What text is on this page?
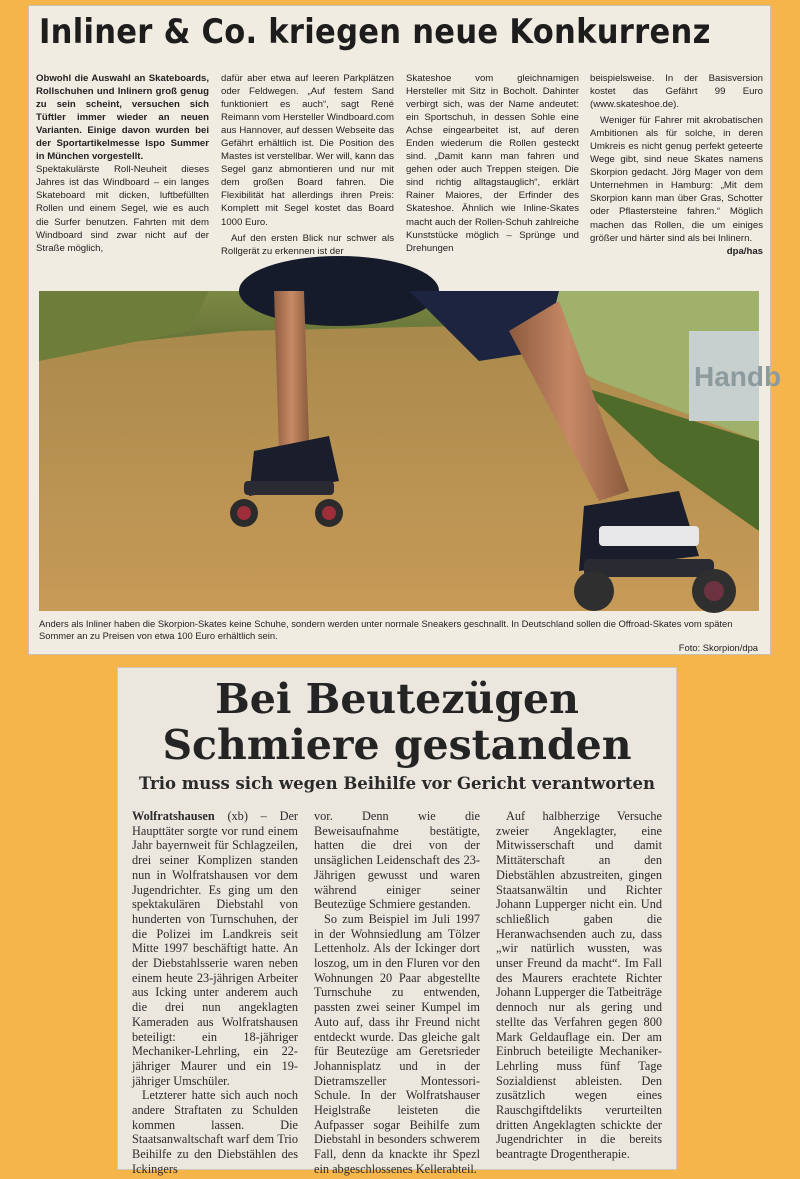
Inliner & Co. kriegen neue Konkurrenz

Obwohl die Auswahl an Skateboards, Rollschuhen und Inlinern groß genug zu sein scheint, versuchen sich Tüftler immer wieder an neuen Varianten. Einige davon wurden bei der Sportartikelmesse Ispo Summer in München vorgestellt.

Spektakulärste Roll-Neuheit dieses Jahres ist das Windboard – ein langes Skateboard mit dicken, luftbefüllten Rollen und einem Segel, wie es auch die Surfer benutzen. Fahrten mit dem Windboard sind zwar nicht auf der Straße möglich,

dafür aber etwa auf leeren Parkplätzen oder Feldwegen. „Auf festem Sand funktioniert es auch“, sagt René Reimann vom Hersteller Windboard.com aus Hannover, auf dessen Webseite das Gefährt erhältlich ist. Die Position des Mastes ist verstellbar. Wer will, kann das Segel ganz abmontieren und nur mit dem großen Board fahren. Die Flexibilität hat allerdings ihren Preis: Komplett mit Segel kostet das Board 1000 Euro.

Auf den ersten Blick nur schwer als Rollgerät zu erkennen ist der

Skateshoe vom gleichnamigen Hersteller mit Sitz in Bocholt. Dahinter verbirgt sich, was der Name andeutet: ein Sportschuh, in dessen Sohle eine Achse eingearbeitet ist, auf deren Enden wiederum die Rollen gesteckt sind. „Damit kann man fahren und gehen oder auch Treppen steigen. Die sind richtig alltagstauglich“, erklärt Rainer Maiores, der Erfinder des Skateshoe. Ähnlich wie Inline-Skates macht auch der Rollen-Schuh zahlreiche Kunststücke möglich – Sprünge und Drehungen

beispielsweise. In der Basisversion kostet das Gefährt 99 Euro (www.skateshoe.de).

Weniger für Fahrer mit akrobatischen Ambitionen als für solche, in deren Umkreis es nicht genug perfekt geteerte Wege gibt, sind neue Skates namens Skorpion gedacht. Jörg Mager von dem Unternehmen in Hamburg: „Mit dem Skorpion kann man über Gras, Schotter oder Pflastersteine fahren.“ Möglich machen das Rollen, die um einiges größer und härter sind als bei Inlinern.

dpa/has

Handb
Anders als Inliner haben die Skorpion-Skates keine Schuhe, sondern werden unter normale Sneakers geschnallt. In Deutschland sollen die Offroad-Skates vom späten Sommer an zu Preisen von etwa 100 Euro erhältlich sein.
Foto: Skorpion/dpa
Bei Beutezügen
Schmiere gestanden
Trio muss sich wegen Beihilfe vor Gericht verantworten

Wolfratshausen (xb) – Der Haupttäter sorgte vor rund einem Jahr bayernweit für Schlagzeilen, drei seiner Komplizen standen nun in Wolfratshausen vor dem Jugendrichter. Es ging um den spektakulären Diebstahl von hunderten von Turnschuhen, der die Polizei im Landkreis seit Mitte 1997 beschäftigt hatte. An der Diebstahlsserie waren neben einem heute 23-jährigen Arbeiter aus Icking unter anderem auch die drei nun angeklagten Kameraden aus Wolfratshausen beteiligt: ein 18-jähriger Mechaniker-Lehrling, ein 22-jähriger Maurer und ein 19-jähriger Umschüler.

Letzterer hatte sich auch noch andere Straftaten zu Schulden kommen lassen. Die Staatsanwaltschaft warf dem Trio Beihilfe zu den Diebstählen des Ickingers

vor. Denn wie die Beweisaufnahme bestätigte, hatten die drei von der unsäglichen Leidenschaft des 23-Jährigen gewusst und waren während einiger seiner Beutezüge Schmiere gestanden.

So zum Beispiel im Juli 1997 in der Wohnsiedlung am Tölzer Lettenholz. Als der Ickinger dort loszog, um in den Fluren vor den Wohnungen 20 Paar abgestellte Turnschuhe zu entwenden, passten zwei seiner Kumpel im Auto auf, dass ihr Freund nicht entdeckt wurde. Das gleiche galt für Beutezüge am Geretsrieder Johannisplatz und in der Dietramszeller Montessori-Schule. In der Wolfratshauser Heiglstraße leisteten die Aufpasser sogar Beihilfe zum Diebstahl in besonders schwerem Fall, denn da knackte ihr Spezl ein abgeschlossenes Kellerabteil.

Auf halbherzige Versuche zweier Angeklagter, eine Mitwisserschaft und damit Mittäterschaft an den Diebstählen abzustreiten, gingen Staatsanwältin und Richter Johann Lupperger nicht ein. Und schließlich gaben die Heranwachsenden auch zu, dass „wir natürlich wussten, was unser Freund da macht“. Im Fall des Maurers erachtete Richter Johann Lupperger die Tatbeiträge dennoch nur als gering und stellte das Verfahren gegen 800 Mark Geldauflage ein. Der am Einbruch beteiligte Mechaniker-Lehrling muss fünf Tage Sozialdienst ableisten. Den zusätzlich wegen eines Rauschgiftdelikts verurteilten dritten Angeklagten schickte der Jugendrichter in die bereits beantragte Drogentherapie.
